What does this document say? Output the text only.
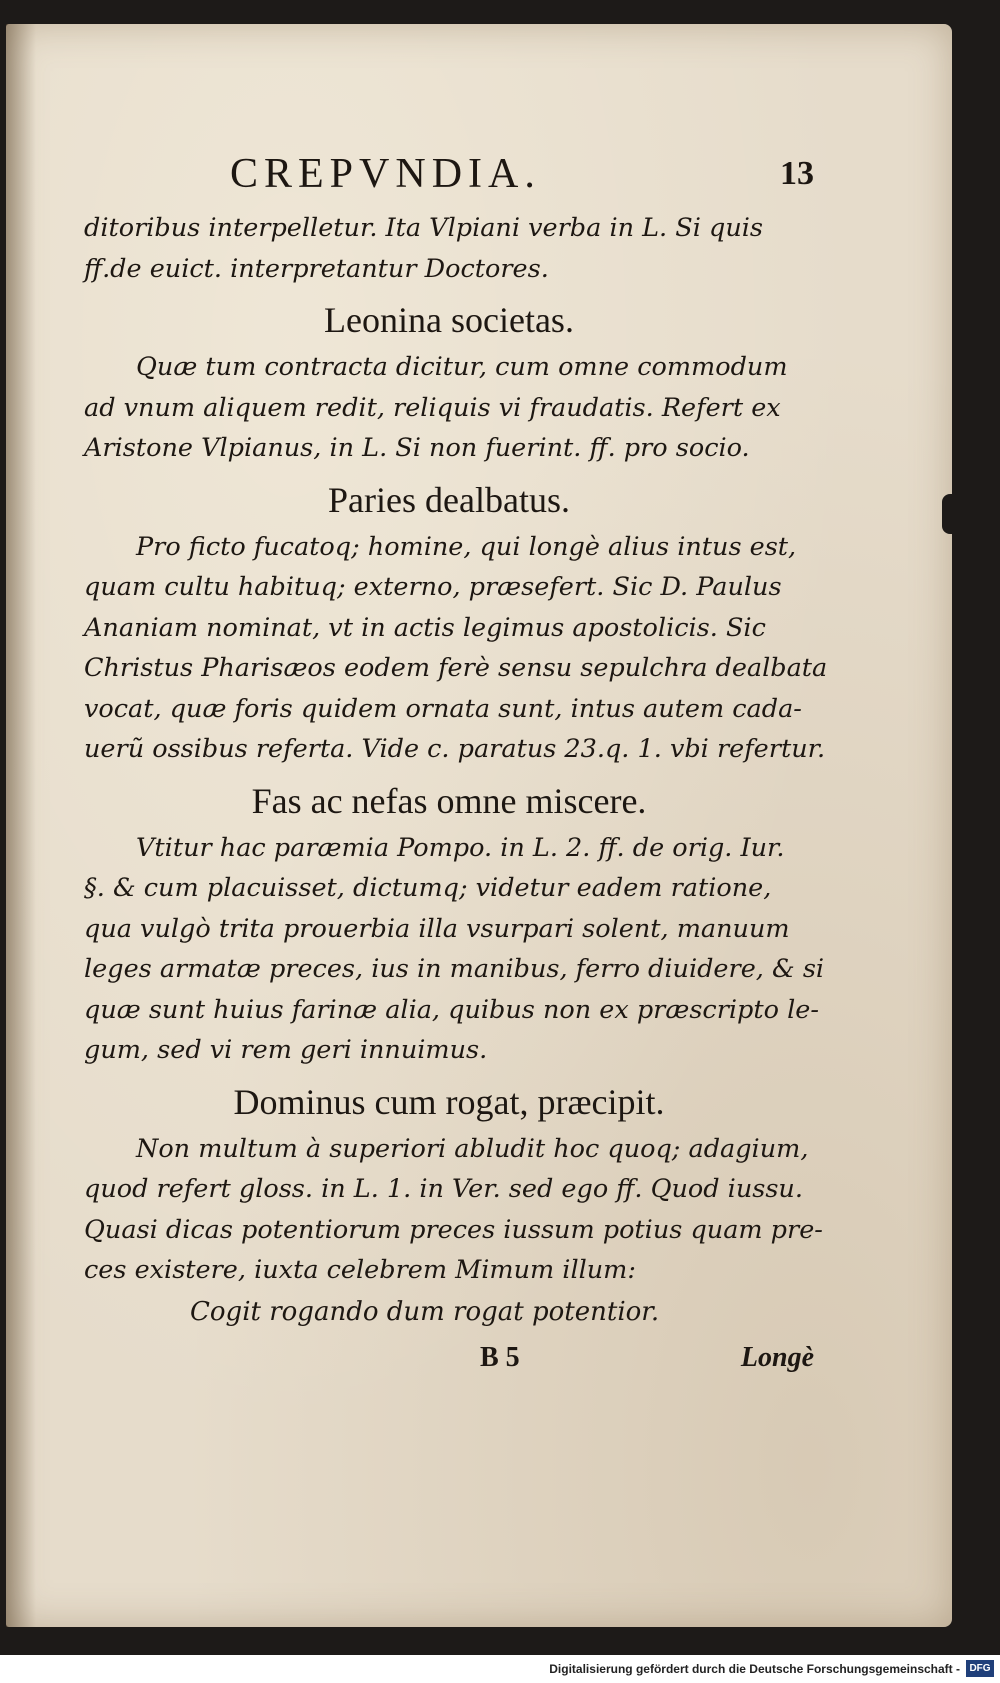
CREPVNDIA.	13
ditoribus interpelletur. Ita Vlpiani verba in L. Si quis
ff.de euict. interpretantur Doctores.
Leonina societas.
Quæ tum contracta dicitur, cum omne commodum
ad vnum aliquem redit, reliquis vi fraudatis. Refert ex
Aristone Vlpianus, in L. Si non fuerint. ff. pro socio.
Paries dealbatus.
Pro ficto fucatoq; homine, qui longè alius intus est,
quam cultu habituq; externo, præsefert. Sic D. Paulus
Ananiam nominat, vt in actis legimus apostolicis. Sic
Christus Pharisæos eodem ferè sensu sepulchra dealbata
vocat, quæ foris quidem ornata sunt, intus autem cada-
uerũ ossibus referta. Vide c. paratus 23.q. 1. vbi refertur.
Fas ac nefas omne miscere.
Vtitur hac paræmia Pompo. in L. 2. ff. de orig. Iur.
§. & cum placuisset, dictumq; videtur eadem ratione,
qua vulgò trita prouerbia illa vsurpari solent, manuum
leges armatæ preces, ius in manibus, ferro diuidere, & si
quæ sunt huius farinæ alia, quibus non ex præscripto le-
gum, sed vi rem geri innuimus.
Dominus cum rogat, præcipit.
Non multum à superiori abludit hoc quoq; adagium,
quod refert gloss. in L. 1. in Ver. sed ego ff. Quod iussu.
Quasi dicas potentiorum preces iussum potius quam pre-
ces existere, iuxta celebrem Mimum illum:
Cogit rogando dum rogat potentior.
B 5	Longè
Digitalisierung gefördert durch die Deutsche Forschungsgemeinschaft - DFG
